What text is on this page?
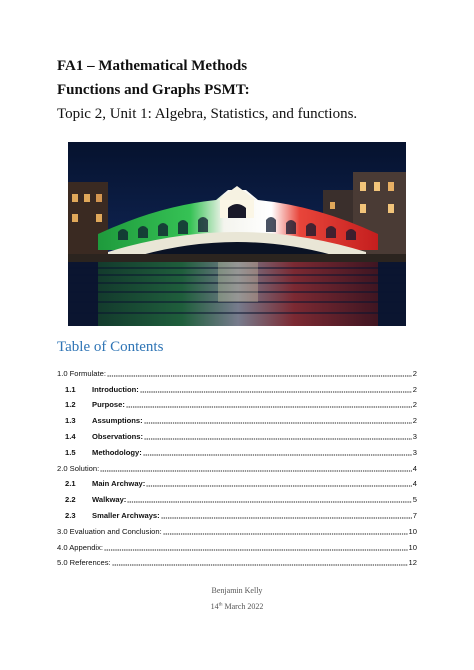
FA1 – Mathematical Methods
Functions and Graphs PSMT:
Topic 2, Unit 1: Algebra, Statistics, and functions.
Table of Contents
1.0 Formulate:	2
1.1	Introduction:	2
1.2	Purpose:	2
1.3	Assumptions:	2
1.4	Observations:	3
1.5	Methodology:	3
2.0 Solution:	4
2.1	Main Archway:	4
2.2	Walkway:	5
2.3	Smaller Archways:	7
3.0 Evaluation and Conclusion:	10
4.0 Appendix:	10
5.0 References:	12
Benjamin Kelly
14th March 2022
